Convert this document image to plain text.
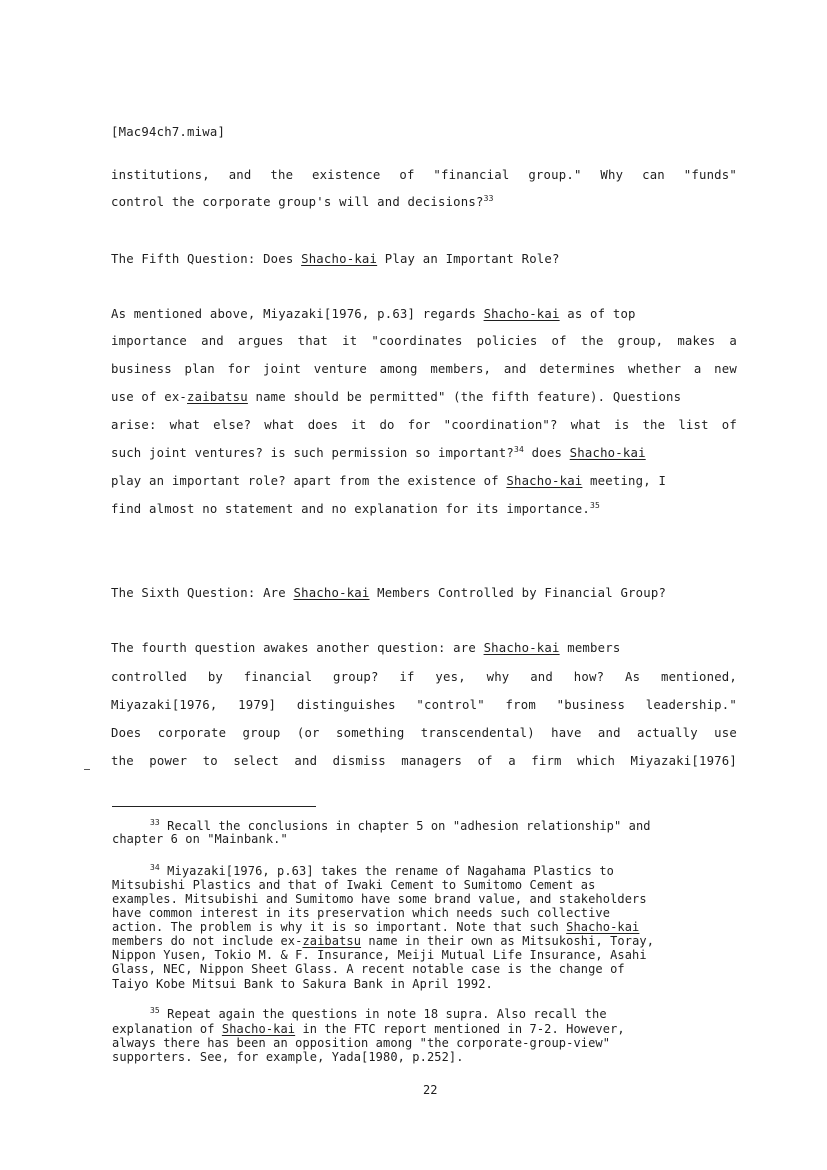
[Mac94ch7.miwa]
institutions, and the existence of "financial group." Why can "funds"
control the corporate group's will and decisions?$^{33}$
The Fifth Question: Does Shacho-kai Play an Important Role?
As mentioned above, Miyazaki[1976, p.63] regards Shacho-kai as of top
importance and argues that it "coordinates policies of the group, makes a
business plan for joint venture among members, and determines whether a new
use of ex-zaibatsu name should be permitted" (the fifth feature). Questions
arise: what else? what does it do for "coordination"? what is the list of
such joint ventures? is such permission so important?$^{34}$ does Shacho-kai
play an important role? apart from the existence of Shacho-kai meeting, I
find almost no statement and no explanation for its importance.$^{35}$
The Sixth Question: Are Shacho-kai Members Controlled by Financial Group?
The fourth question awakes another question: are Shacho-kai members
controlled by financial group? if yes, why and how? As mentioned,
Miyazaki[1976, 1979] distinguishes "control" from "business leadership."
Does corporate group (or something transcendental) have and actually use
the power to select and dismiss managers of a firm which Miyazaki[1976]
$^{33}$ Recall the conclusions in chapter 5 on "adhesion relationship" and
chapter 6 on "Mainbank."
$^{34}$ Miyazaki[1976, p.63] takes the rename of Nagahama Plastics to
Mitsubishi Plastics and that of Iwaki Cement to Sumitomo Cement as
examples. Mitsubishi and Sumitomo have some brand value, and stakeholders
have common interest in its preservation which needs such collective
action. The problem is why it is so important. Note that such Shacho-kai
members do not include ex-zaibatsu name in their own as Mitsukoshi, Toray,
Nippon Yusen, Tokio M. & F. Insurance, Meiji Mutual Life Insurance, Asahi
Glass, NEC, Nippon Sheet Glass. A recent notable case is the change of
Taiyo Kobe Mitsui Bank to Sakura Bank in April 1992.
$^{35}$ Repeat again the questions in note 18 supra. Also recall the
explanation of Shacho-kai in the FTC report mentioned in 7-2. However,
always there has been an opposition among "the corporate-group-view"
supporters. See, for example, Yada[1980, p.252].
22
